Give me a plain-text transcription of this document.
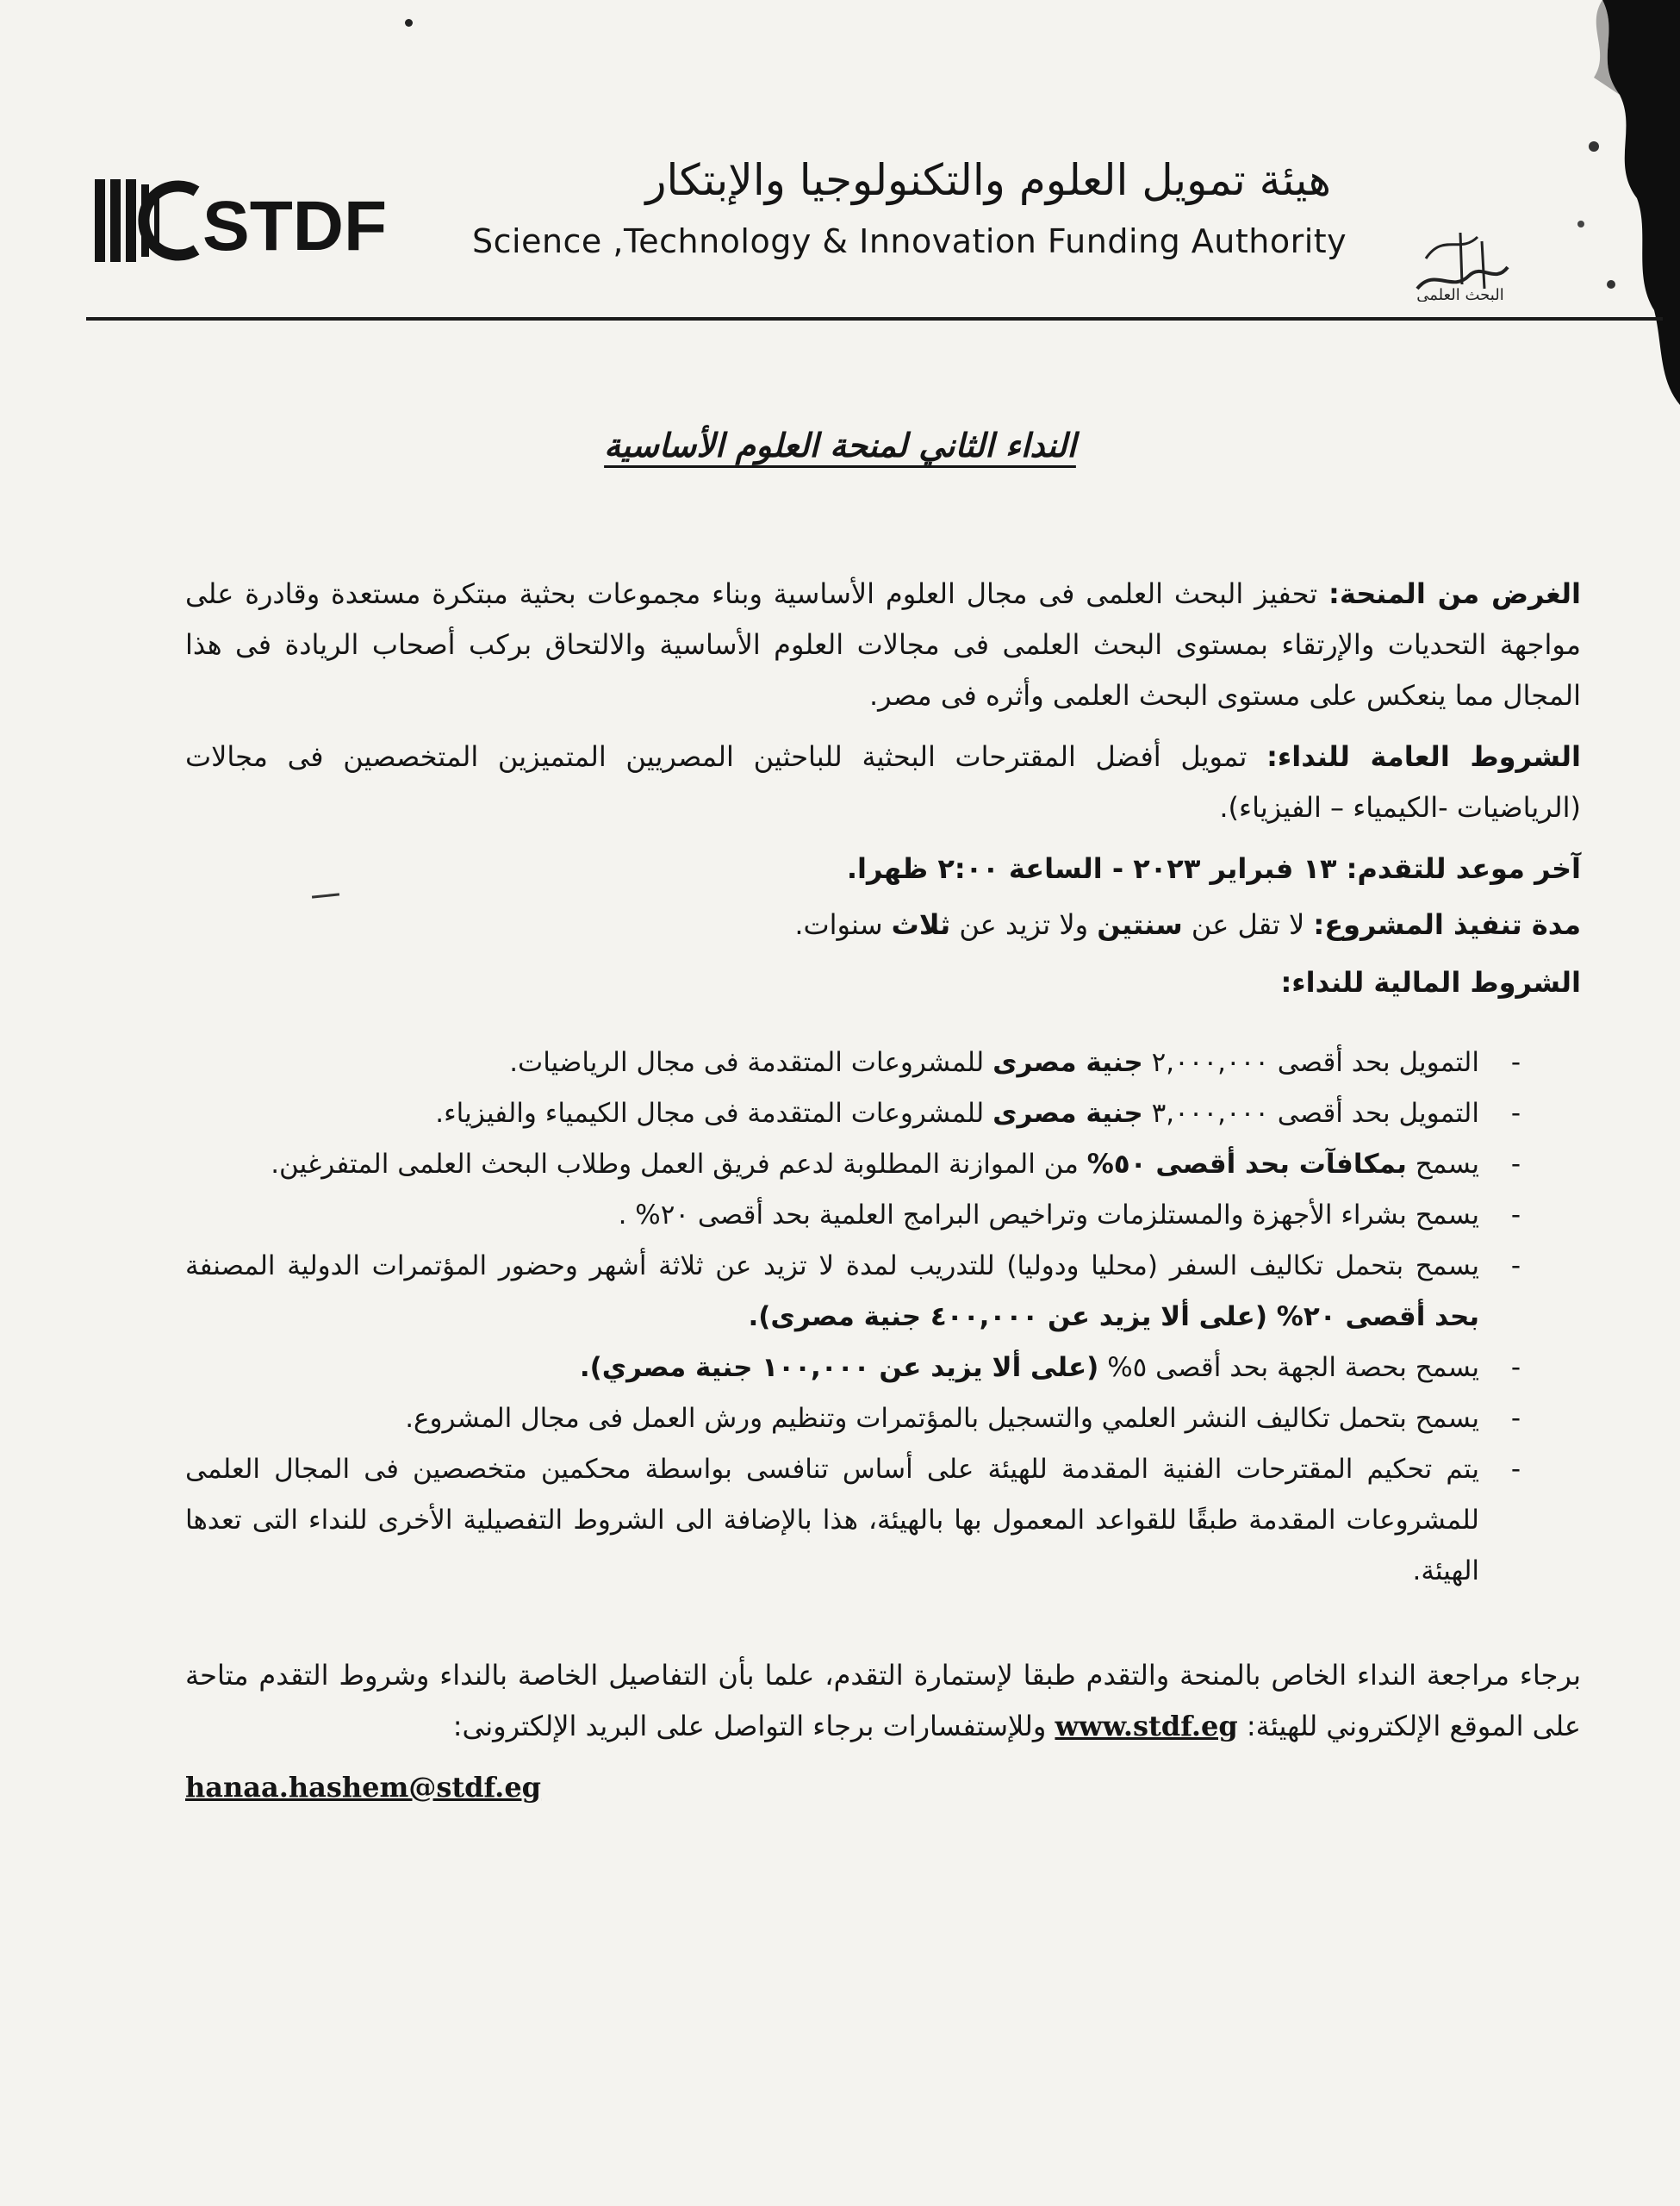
STDF
هيئة تمويل العلوم والتكنولوجيا والإبتكار
Science ,Technology & Innovation Funding Authority
البحث العلمى
النداء الثاني لمنحة العلوم الأساسية

الغرض من المنحة: تحفيز البحث العلمى فى مجال العلوم الأساسية وبناء مجموعات بحثية مبتكرة مستعدة وقادرة على مواجهة التحديات والإرتقاء بمستوى البحث العلمى فى مجالات العلوم الأساسية والالتحاق بركب أصحاب الريادة فى هذا المجال مما ينعكس على مستوى البحث العلمى وأثره فى مصر.

الشروط العامة للنداء: تمويل أفضل المقترحات البحثية للباحثين المصريين المتميزين المتخصصين فى مجالات (الرياضيات -الكيمياء – الفيزياء).

آخر موعد للتقدم: ١٣ فبراير ٢٠٢٣ - الساعة ٢:٠٠ ظهرا.

مدة تنفيذ المشروع: لا تقل عن سنتين ولا تزيد عن ثلاث سنوات.

الشروط المالية للنداء:

- التمويل بحد أقصى ٢,٠٠٠,٠٠٠ جنية مصرى للمشروعات المتقدمة فى مجال الرياضيات.
- التمويل بحد أقصى ٣,٠٠٠,٠٠٠ جنية مصرى للمشروعات المتقدمة فى مجال الكيمياء والفيزياء.
- يسمح بمكافآت بحد أقصى ٥٠% من الموازنة المطلوبة لدعم فريق العمل وطلاب البحث العلمى المتفرغين.
- يسمح بشراء الأجهزة والمستلزمات وتراخيص البرامج العلمية بحد أقصى ٢٠% .
- يسمح بتحمل تكاليف السفر (محليا ودوليا) للتدريب لمدة لا تزيد عن ثلاثة أشهر وحضور المؤتمرات الدولية المصنفة بحد أقصى ٢٠% (على ألا يزيد عن ٤٠٠,٠٠٠ جنية مصرى).
- يسمح بحصة الجهة بحد أقصى ٥% (على ألا يزيد عن ١٠٠,٠٠٠ جنية مصري).
- يسمح بتحمل تكاليف النشر العلمي والتسجيل بالمؤتمرات وتنظيم ورش العمل فى مجال المشروع.
- يتم تحكيم المقترحات الفنية المقدمة للهيئة على أساس تنافسى بواسطة محكمين متخصصين فى المجال العلمى للمشروعات المقدمة طبقًا للقواعد المعمول بها بالهيئة، هذا بالإضافة الى الشروط التفصيلية الأخرى للنداء التى تعدها الهيئة.

برجاء مراجعة النداء الخاص بالمنحة والتقدم طبقا لإستمارة التقدم، علما بأن التفاصيل الخاصة بالنداء وشروط التقدم متاحة على الموقع الإلكتروني للهيئة: www.stdf.eg وللإستفسارات برجاء التواصل على البريد الإلكترونى:

hanaa.hashem@stdf.eg
